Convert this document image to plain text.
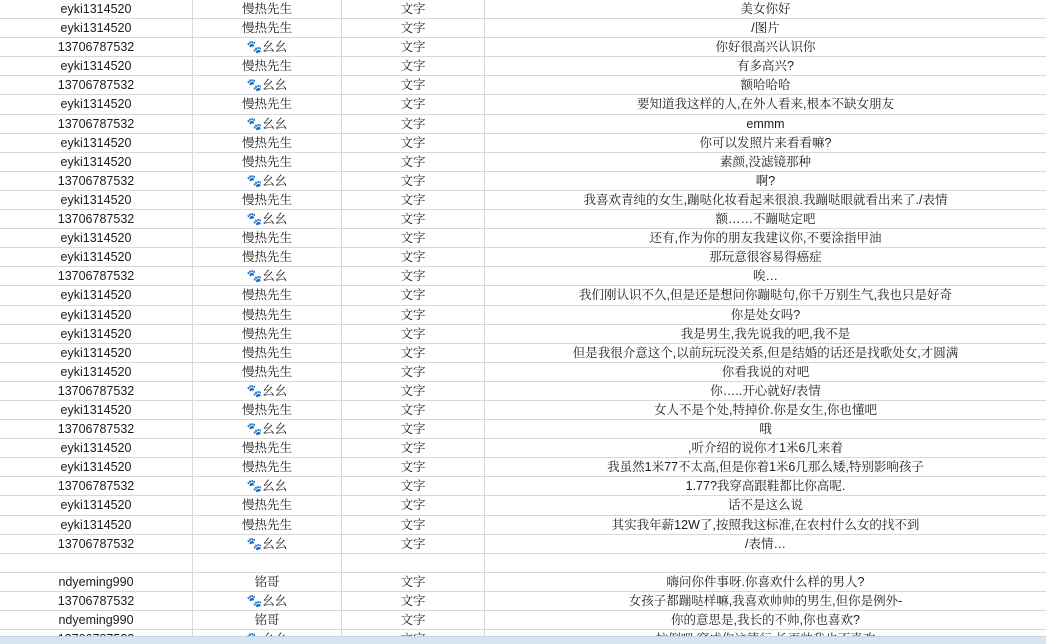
eyki1314520	慢热先生	文字	美女你好
eyki1314520	慢热先生	文字	/图片
13706787532	🐾幺幺	文字	你好很高兴认识你
eyki1314520	慢热先生	文字	有多高兴?
13706787532	🐾幺幺	文字	额哈哈哈
eyki1314520	慢热先生	文字	要知道我这样的人,在外人看来,根本不缺女朋友
13706787532	🐾幺幺	文字	emmm
eyki1314520	慢热先生	文字	你可以发照片来看看嘛?
eyki1314520	慢热先生	文字	素颜,没滤镜那种
13706787532	🐾幺幺	文字	啊?
eyki1314520	慢热先生	文字	我喜欢青纯的女生,蹦哒化妆看起来很浪.我蹦哒眼就看出来了./表情
13706787532	🐾幺幺	文字	额……不蹦哒定吧
eyki1314520	慢热先生	文字	还有,作为你的朋友我建议你,不要涂指甲油
eyki1314520	慢热先生	文字	那玩意很容易得癌症
13706787532	🐾幺幺	文字	唉…
eyki1314520	慢热先生	文字	我们刚认识不久,但是还是想问你蹦哒句,你千万别生气,我也只是好奇
eyki1314520	慢热先生	文字	你是处女吗?
eyki1314520	慢热先生	文字	我是男生,我先说我的吧,我不是
eyki1314520	慢热先生	文字	但是我很介意这个,以前玩玩没关系,但是结婚的话还是找歌处女,才圆满
eyki1314520	慢热先生	文字	你看我说的对吧
13706787532	🐾幺幺	文字	你…..开心就好/表情
eyki1314520	慢热先生	文字	女人不是个处,特掉价.你是女生,你也懂吧
13706787532	🐾幺幺	文字	哦
eyki1314520	慢热先生	文字	,听介绍的说你才1米6几来着
eyki1314520	慢热先生	文字	我虽然1米77不太高,但是你着1米6几那么矮,特别影响孩子
13706787532	🐾幺幺	文字	1.77?我穿高跟鞋都比你高呢.
eyki1314520	慢热先生	文字	话不是这么说
eyki1314520	慢热先生	文字	其实我年薪12W了,按照我这标准,在农村什么女的找不到
13706787532	🐾幺幺	文字	/表情…
ndyeming990	铭哥	文字	嗨问你件事呀.你喜欢什么样的男人?
13706787532	🐾幺幺	文字	女孩子都蹦哒样嘛,我喜欢帅帅的男生,但你是例外-
ndyeming990	铭哥	文字	你的意思是,我长的不帅,你也喜欢?
